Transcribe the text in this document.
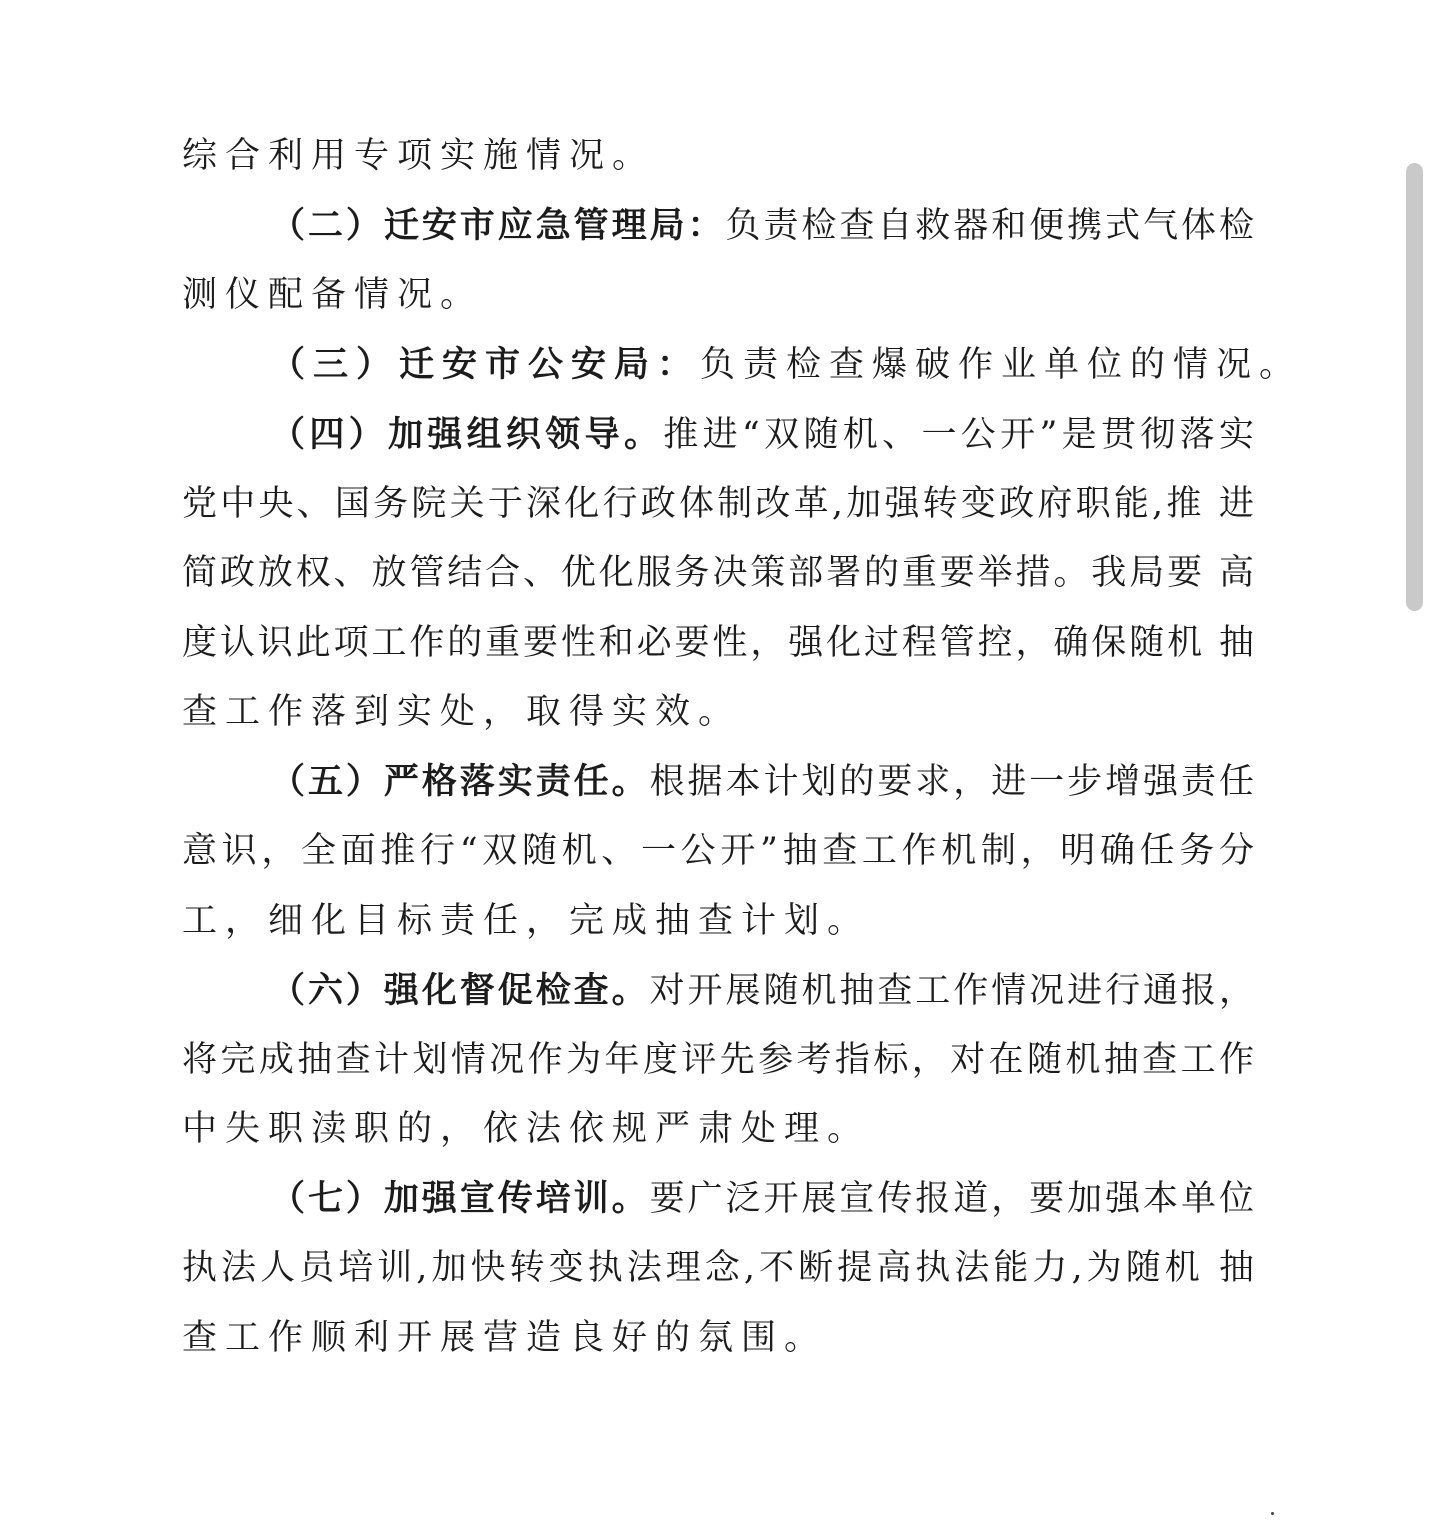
综合利用专项实施情况。
（二）迁安市应急管理局：负责检查自救器和便携式气体检
测仪配备情况。
（三）迁安市公安局：负责检查爆破作业单位的情况。
（四）加强组织领导。推进“双随机、一公开”是贯彻落实
党中央、国务院关于深化行政体制改革,加强转变政府职能,推 进
简政放权、放管结合、优化服务决策部署的重要举措。我局要 高
度认识此项工作的重要性和必要性，强化过程管控，确保随机 抽
查工作落到实处，取得实效。
（五）严格落实责任。根据本计划的要求，进一步增强责任
意识，全面推行“双随机、一公开”抽查工作机制，明确任务分
工，细化目标责任，完成抽查计划。
（六）强化督促检查。对开展随机抽查工作情况进行通报，
将完成抽查计划情况作为年度评先参考指标，对在随机抽查工作
中失职渎职的，依法依规严肃处理。
（七）加强宣传培训。要广泛开展宣传报道，要加强本单位
执法人员培训,加快转变执法理念,不断提高执法能力,为随机 抽
查工作顺利开展营造良好的氛围。
